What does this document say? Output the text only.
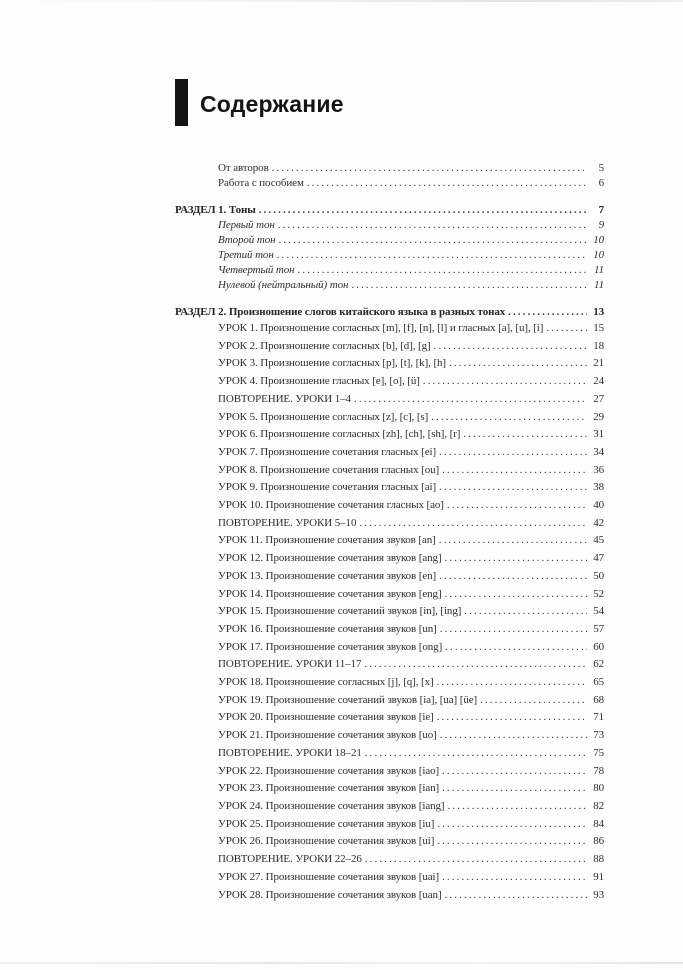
Содержание
От авторов .....	5
Работа с пособием .....	6
РАЗДЕЛ 1. Тоны .....	7
Первый тон .....	9
Второй тон .....	10
Третий тон .....	10
Четвертый тон .....	11
Нулевой (нейтральный) тон .....	11
РАЗДЕЛ 2. Произношение слогов китайского языка в разных тонах .....	13
УРОК 1. Произношение согласных [m], [f], [n], [l] и гласных [a], [u], [i] .....	15
УРОК 2. Произношение согласных [b], [d], [g] .....	18
УРОК 3. Произношение согласных [p], [t], [k], [h] .....	21
УРОК 4. Произношение гласных [e], [o], [ü] .....	24
ПОВТОРЕНИЕ. УРОКИ 1–4 .....	27
УРОК 5. Произношение согласных [z], [c], [s] .....	29
УРОК 6. Произношение согласных [zh], [ch], [sh], [r] .....	31
УРОК 7. Произношение сочетания гласных [ei] .....	34
УРОК 8. Произношение сочетания гласных [ou] .....	36
УРОК 9. Произношение сочетания гласных [ai] .....	38
УРОК 10. Произношение сочетания гласных [ao] .....	40
ПОВТОРЕНИЕ. УРОКИ 5–10 .....	42
УРОК 11. Произношение сочетания звуков [an] .....	45
УРОК 12. Произношение сочетания звуков [ang] .....	47
УРОК 13. Произношение сочетания звуков [en] .....	50
УРОК 14. Произношение сочетания звуков [eng] .....	52
УРОК 15. Произношение сочетаний звуков [in], [ing] .....	54
УРОК 16. Произношение сочетания звуков [un] .....	57
УРОК 17. Произношение сочетания звуков [ong] .....	60
ПОВТОРЕНИЕ. УРОКИ 11–17 .....	62
УРОК 18. Произношение согласных [j], [q], [x] .....	65
УРОК 19. Произношение сочетаний звуков [ia], [ua] [üe] .....	68
УРОК 20. Произношение сочетания звуков [ie] .....	71
УРОК 21. Произношение сочетания звуков [uo] .....	73
ПОВТОРЕНИЕ. УРОКИ 18–21 .....	75
УРОК 22. Произношение сочетания звуков [iao] .....	78
УРОК 23. Произношение сочетания звуков [ian] .....	80
УРОК 24. Произношение сочетания звуков [iang] .....	82
УРОК 25. Произношение сочетания звуков [iu] .....	84
УРОК 26. Произношение сочетания звуков [ui] .....	86
ПОВТОРЕНИЕ. УРОКИ 22–26 .....	88
УРОК 27. Произношение сочетания звуков [uai] .....	91
УРОК 28. Произношение сочетания звуков [uan] .....	93
